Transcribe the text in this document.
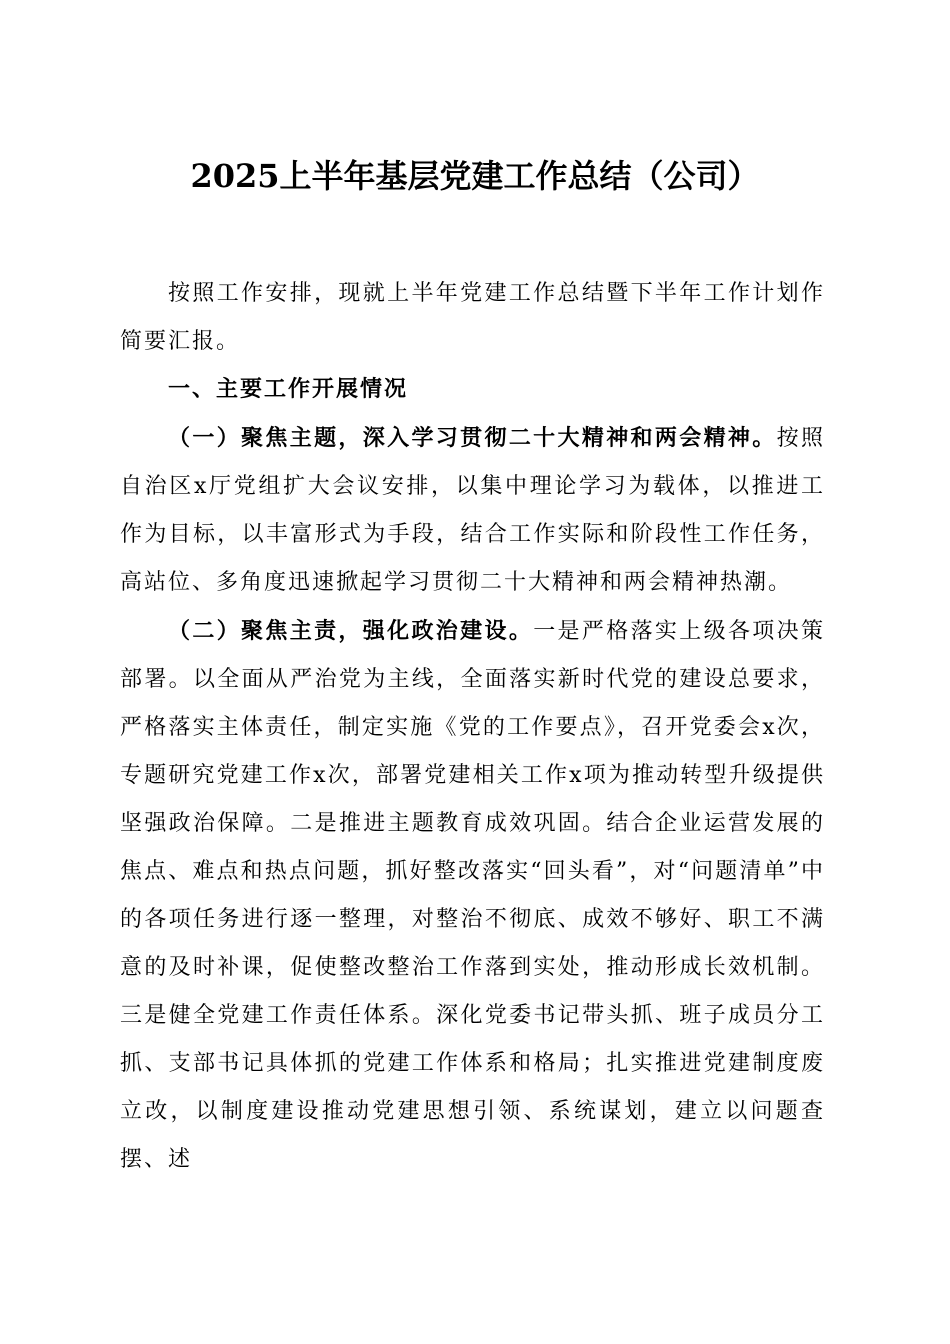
2025上半年基层党建工作总结（公司）

按照工作安排，现就上半年党建工作总结暨下半年工作计划作简要汇报。

一、主要工作开展情况

（一）聚焦主题，深入学习贯彻二十大精神和两会精神。按照自治区x厅党组扩大会议安排，以集中理论学习为载体，以推进工作为目标，以丰富形式为手段，结合工作实际和阶段性工作任务，高站位、多角度迅速掀起学习贯彻二十大精神和两会精神热潮。

（二）聚焦主责，强化政治建设。一是严格落实上级各项决策部署。以全面从严治党为主线，全面落实新时代党的建设总要求，严格落实主体责任，制定实施《党的工作要点》，召开党委会x次，专题研究党建工作x次，部署党建相关工作x项为推动转型升级提供坚强政治保障。二是推进主题教育成效巩固。结合企业运营发展的焦点、难点和热点问题，抓好整改落实“回头看”，对“问题清单”中的各项任务进行逐一整理，对整治不彻底、成效不够好、职工不满意的及时补课，促使整改整治工作落到实处，推动形成长效机制。三是健全党建工作责任体系。深化党委书记带头抓、班子成员分工抓、支部书记具体抓的党建工作体系和格局；扎实推进党建制度废立改，以制度建设推动党建思想引领、系统谋划，建立以问题查摆、述
